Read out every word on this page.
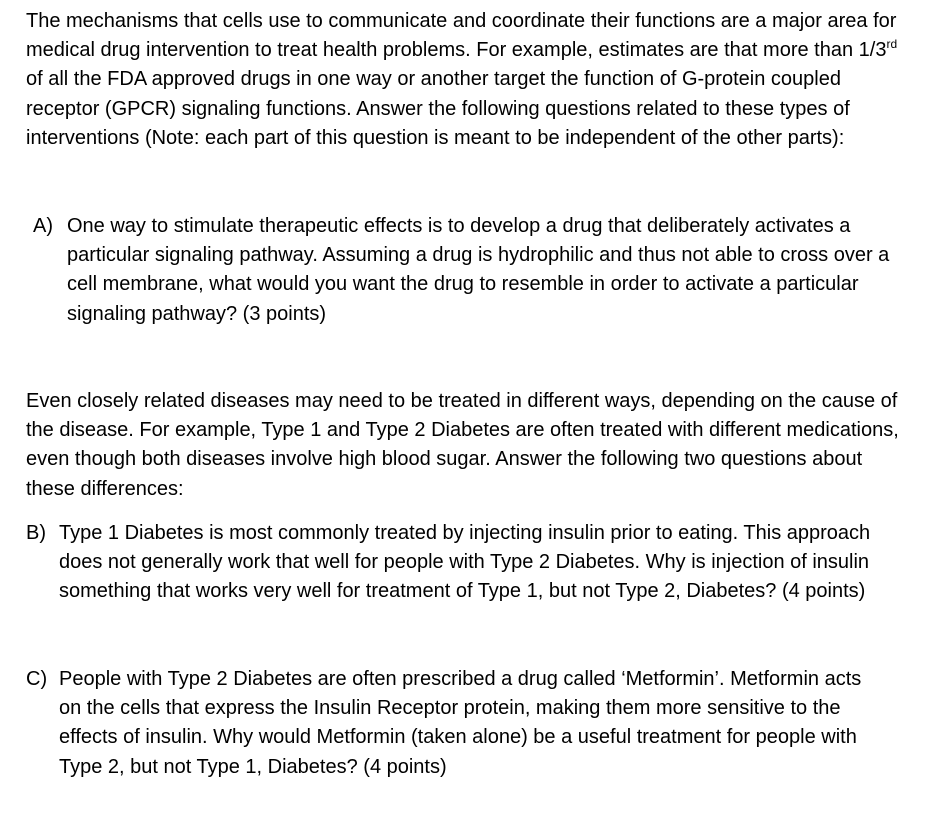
The mechanisms that cells use to communicate and coordinate their functions are a major area for medical drug intervention to treat health problems. For example, estimates are that more than 1/3rd of all the FDA approved drugs in one way or another target the function of G-protein coupled receptor (GPCR) signaling functions. Answer the following questions related to these types of interventions (Note: each part of this question is meant to be independent of the other parts):

A) One way to stimulate therapeutic effects is to develop a drug that deliberately activates a particular signaling pathway. Assuming a drug is hydrophilic and thus not able to cross over a cell membrane, what would you want the drug to resemble in order to activate a particular signaling pathway? (3 points)

Even closely related diseases may need to be treated in different ways, depending on the cause of the disease. For example, Type 1 and Type 2 Diabetes are often treated with different medications, even though both diseases involve high blood sugar. Answer the following two questions about these differences:

B) Type 1 Diabetes is most commonly treated by injecting insulin prior to eating. This approach does not generally work that well for people with Type 2 Diabetes. Why is injection of insulin something that works very well for treatment of Type 1, but not Type 2, Diabetes? (4 points)
C) People with Type 2 Diabetes are often prescribed a drug called ‘Metformin’. Metformin acts on the cells that express the Insulin Receptor protein, making them more sensitive to the effects of insulin. Why would Metformin (taken alone) be a useful treatment for people with Type 2, but not Type 1, Diabetes? (4 points)
